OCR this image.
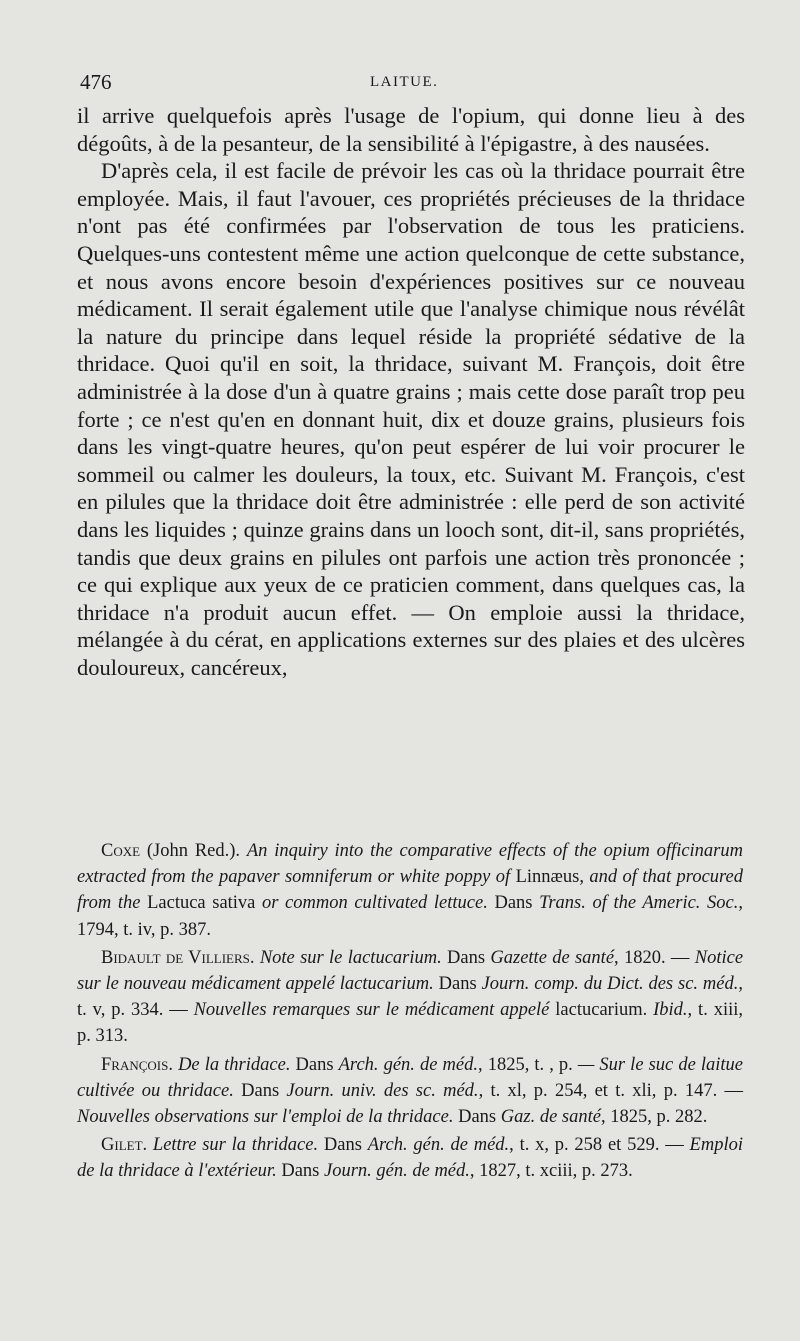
476	LAITUE.

il arrive quelquefois après l'usage de l'opium, qui donne lieu à des dégoûts, à de la pesanteur, de la sensibilité à l'épigastre, à des nausées.

D'après cela, il est facile de prévoir les cas où la thridace pourrait être employée. Mais, il faut l'avouer, ces propriétés précieuses de la thridace n'ont pas été confirmées par l'observation de tous les praticiens. Quelques-uns contestent même une action quelconque de cette substance, et nous avons encore besoin d'expériences positives sur ce nouveau médicament. Il serait également utile que l'analyse chimique nous révélât la nature du principe dans lequel réside la propriété sédative de la thridace. Quoi qu'il en soit, la thridace, suivant M. François, doit être administrée à la dose d'un à quatre grains ; mais cette dose paraît trop peu forte ; ce n'est qu'en en donnant huit, dix et douze grains, plusieurs fois dans les vingt-quatre heures, qu'on peut espérer de lui voir procurer le sommeil ou calmer les douleurs, la toux, etc. Suivant M. François, c'est en pilules que la thridace doit être administrée : elle perd de son activité dans les liquides ; quinze grains dans un looch sont, dit-il, sans propriétés, tandis que deux grains en pilules ont parfois une action très prononcée ; ce qui explique aux yeux de ce praticien comment, dans quelques cas, la thridace n'a produit aucun effet. — On emploie aussi la thridace, mélangée à du cérat, en applications externes sur des plaies et des ulcères douloureux, cancéreux,

Coxe (John Red.). An inquiry into the comparative effects of the opium officinarum extracted from the papaver somniferum or white poppy of Linnæus, and of that procured from the Lactuca sativa or common cultivated lettuce. Dans Trans. of the Americ. Soc., 1794, t. iv, p. 387.

Bidault de Villiers. Note sur le lactucarium. Dans Gazette de santé, 1820. — Notice sur le nouveau médicament appelé lactucarium. Dans Journ. comp. du Dict. des sc. méd., t. v, p. 334. — Nouvelles remarques sur le médicament appelé lactucarium. Ibid., t. xiii, p. 313.

François. De la thridace. Dans Arch. gén. de méd., 1825, t. , p. — Sur le suc de laitue cultivée ou thridace. Dans Journ. univ. des sc. méd., t. xl, p. 254, et t. xli, p. 147. — Nouvelles observations sur l'emploi de la thridace. Dans Gaz. de santé, 1825, p. 282.

Gilet. Lettre sur la thridace. Dans Arch. gén. de méd., t. x, p. 258 et 529. — Emploi de la thridace à l'extérieur. Dans Journ. gén. de méd., 1827, t. xciii, p. 273.
